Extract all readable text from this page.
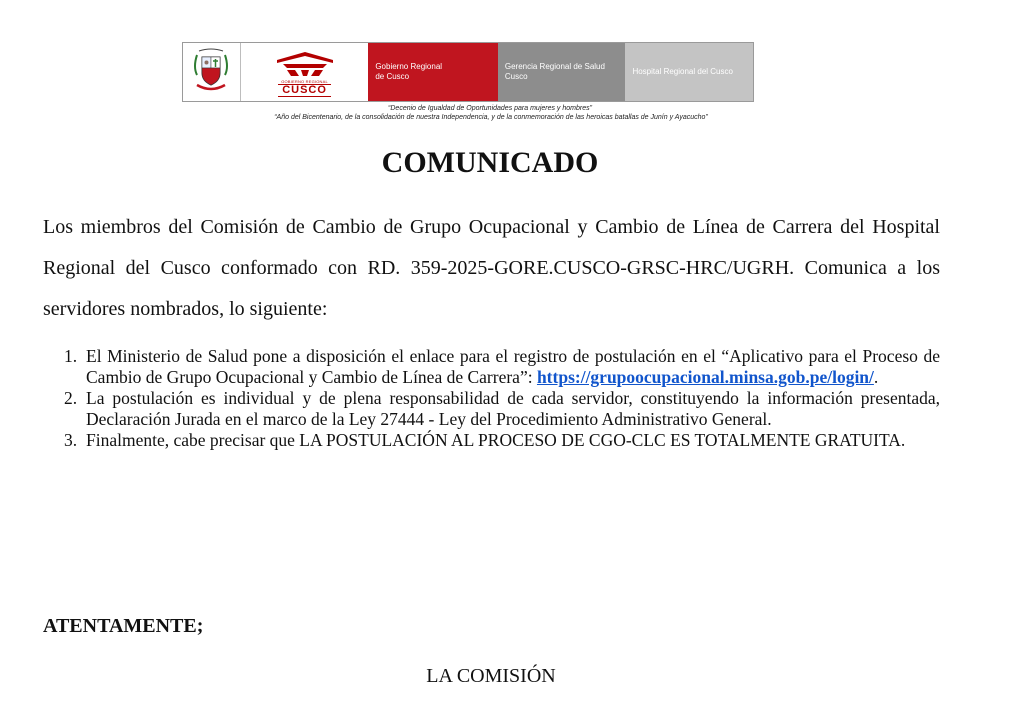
GOBIERNO REGIONAL
CUSCO
Gobierno Regional
de Cusco
Gerencia Regional de Salud
Cusco
Hospital Regional del Cusco
“Decenio de Igualdad de Oportunidades para mujeres y hombres”
“Año del Bicentenario, de la consolidación de nuestra Independencia, y de la conmemoración de las heroicas batallas de Junín y Ayacucho”
COMUNICADO

Los miembros del Comisión de Cambio de Grupo Ocupacional y Cambio de Línea de Carrera del Hospital Regional del Cusco conformado con RD. 359-2025-GORE.CUSCO-GRSC-HRC/UGRH. Comunica a los servidores nombrados, lo siguiente:

1. El Ministerio de Salud pone a disposición el enlace para el registro de postulación en el “Aplicativo para el Proceso de Cambio de Grupo Ocupacional y Cambio de Línea de Carrera”: https://grupoocupacional.minsa.gob.pe/login/.
2. La postulación es individual y de plena responsabilidad de cada servidor, constituyendo la información presentada, Declaración Jurada en el marco de la Ley 27444 - Ley del Procedimiento Administrativo General.
3. Finalmente, cabe precisar que LA POSTULACIÓN AL PROCESO DE CGO-CLC ES TOTALMENTE GRATUITA.
ATENTAMENTE;
LA COMISIÓN
